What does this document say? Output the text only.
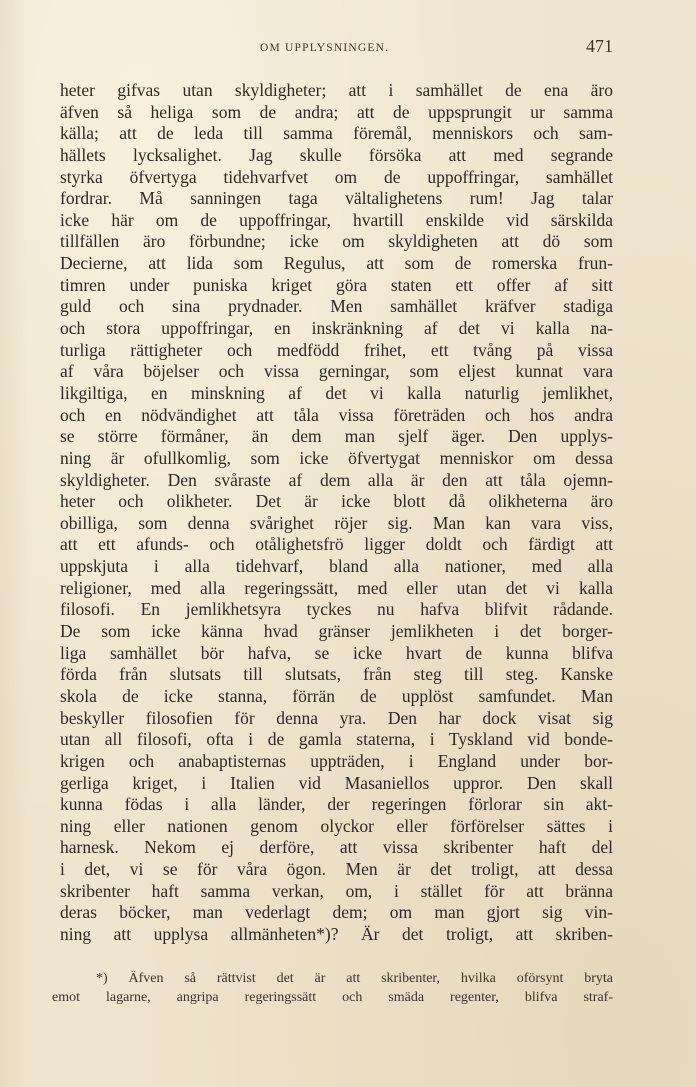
OM UPPLYSNINGEN.	471
heter gifvas utan skyldigheter; att i samhället de ena äro
äfven så heliga som de andra; att de uppsprungit ur samma
källa; att de leda till samma föremål, menniskors och sam-
hällets lycksalighet. Jag skulle försöka att med segrande
styrka öfvertyga tidehvarfvet om de uppoffringar, samhället
fordrar. Må sanningen taga vältalighetens rum! Jag talar
icke här om de uppoffringar, hvartill enskilde vid särskilda
tillfällen äro förbundne; icke om skyldigheten att dö som
Decierne, att lida som Regulus, att som de romerska frun-
timren under puniska kriget göra staten ett offer af sitt
guld och sina prydnader. Men samhället kräfver stadiga
och stora uppoffringar, en inskränkning af det vi kalla na-
turliga rättigheter och medfödd frihet, ett tvång på vissa
af våra böjelser och vissa gerningar, som eljest kunnat vara
likgiltiga, en minskning af det vi kalla naturlig jemlikhet,
och en nödvändighet att tåla vissa företräden och hos andra
se större förmåner, än dem man sjelf äger. Den upplys-
ning är ofullkomlig, som icke öfvertygat menniskor om dessa
skyldigheter. Den svåraste af dem alla är den att tåla ojemn-
heter och olikheter. Det är icke blott då olikheterna äro
obilliga, som denna svårighet röjer sig. Man kan vara viss,
att ett afunds- och otålighetsfrö ligger doldt och färdigt att
uppskjuta i alla tidehvarf, bland alla nationer, med alla
religioner, med alla regeringssätt, med eller utan det vi kalla
filosofi. En jemlikhetsyra tyckes nu hafva blifvit rådande.
De som icke känna hvad gränser jemlikheten i det borger-
liga samhället bör hafva, se icke hvart de kunna blifva
förda från slutsats till slutsats, från steg till steg. Kanske
skola de icke stanna, förrän de upplöst samfundet. Man
beskyller filosofien för denna yra. Den har dock visat sig
utan all filosofi, ofta i de gamla staterna, i Tyskland vid bonde-
krigen och anabaptisternas uppträden, i England under bor-
gerliga kriget, i Italien vid Masaniellos uppror. Den skall
kunna födas i alla länder, der regeringen förlorar sin akt-
ning eller nationen genom olyckor eller förförelser sättes i
harnesk. Nekom ej derföre, att vissa skribenter haft del
i det, vi se för våra ögon. Men är det troligt, att dessa
skribenter haft samma verkan, om, i stället för att bränna
deras böcker, man vederlagt dem; om man gjort sig vin-
ning att upplysa allmänheten*)? Är det troligt, att skriben-
*) Äfven så rättvist det är att skribenter, hvilka oförsynt bryta
emot lagarne, angripa regeringssätt och smäda regenter, blifva straf-
